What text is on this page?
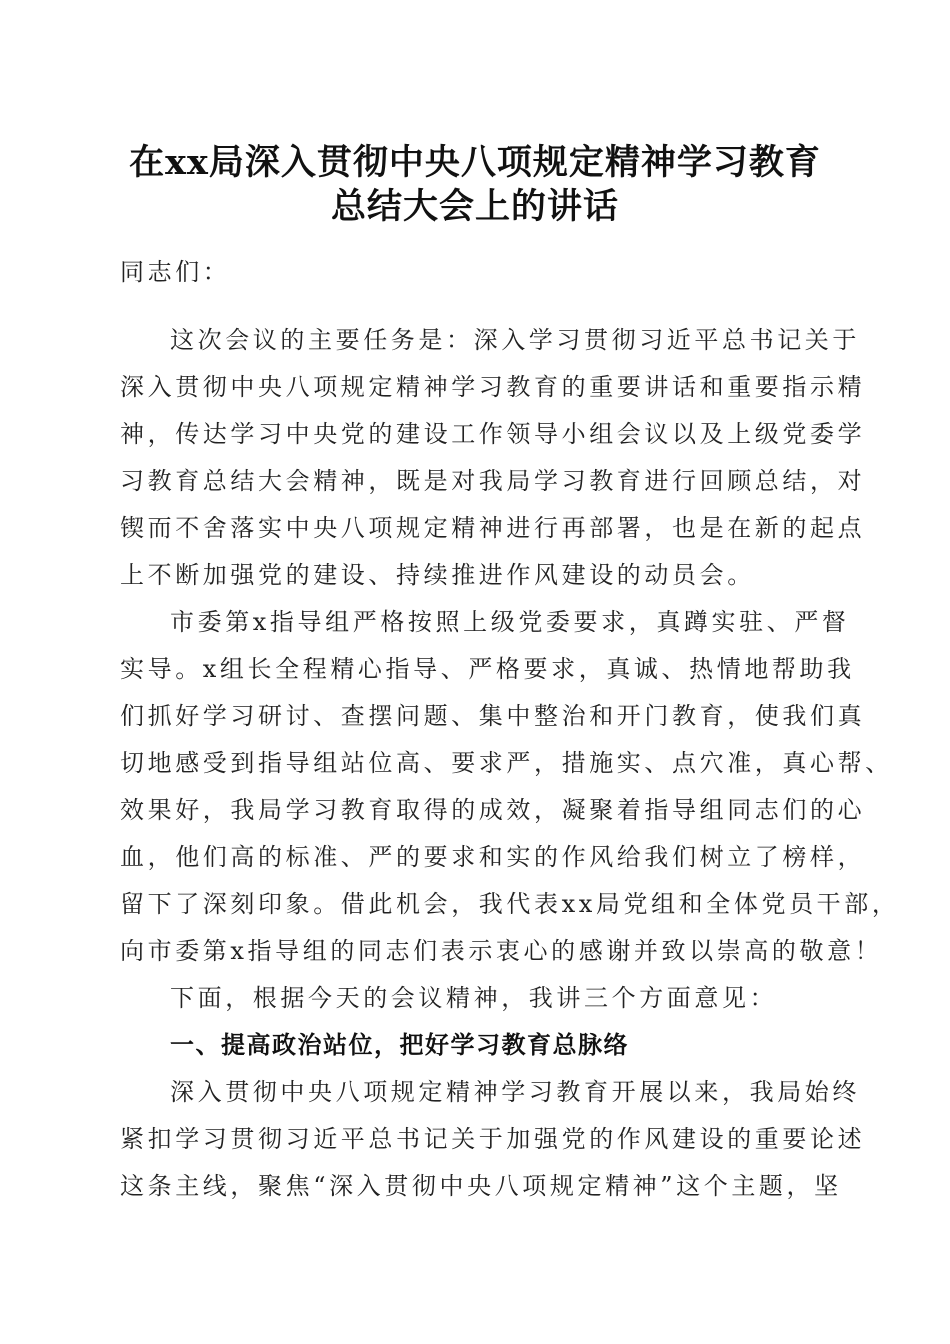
在xx局深入贯彻中央八项规定精神学习教育
总结大会上的讲话
同志们：
这次会议的主要任务是：深入学习贯彻习近平总书记关于
深入贯彻中央八项规定精神学习教育的重要讲话和重要指示精
神，传达学习中央党的建设工作领导小组会议以及上级党委学
习教育总结大会精神，既是对我局学习教育进行回顾总结，对
锲而不舍落实中央八项规定精神进行再部署，也是在新的起点
上不断加强党的建设、持续推进作风建设的动员会。
市委第x指导组严格按照上级党委要求，真蹲实驻、严督
实导。x组长全程精心指导、严格要求，真诚、热情地帮助我
们抓好学习研讨、查摆问题、集中整治和开门教育，使我们真
切地感受到指导组站位高、要求严，措施实、点穴准，真心帮、
效果好，我局学习教育取得的成效，凝聚着指导组同志们的心
血，他们高的标准、严的要求和实的作风给我们树立了榜样，
留下了深刻印象。借此机会，我代表xx局党组和全体党员干部，
向市委第x指导组的同志们表示衷心的感谢并致以崇高的敬意！
下面，根据今天的会议精神，我讲三个方面意见：
一、提高政治站位，把好学习教育总脉络
深入贯彻中央八项规定精神学习教育开展以来，我局始终
紧扣学习贯彻习近平总书记关于加强党的作风建设的重要论述
这条主线，聚焦“深入贯彻中央八项规定精神”这个主题，坚
